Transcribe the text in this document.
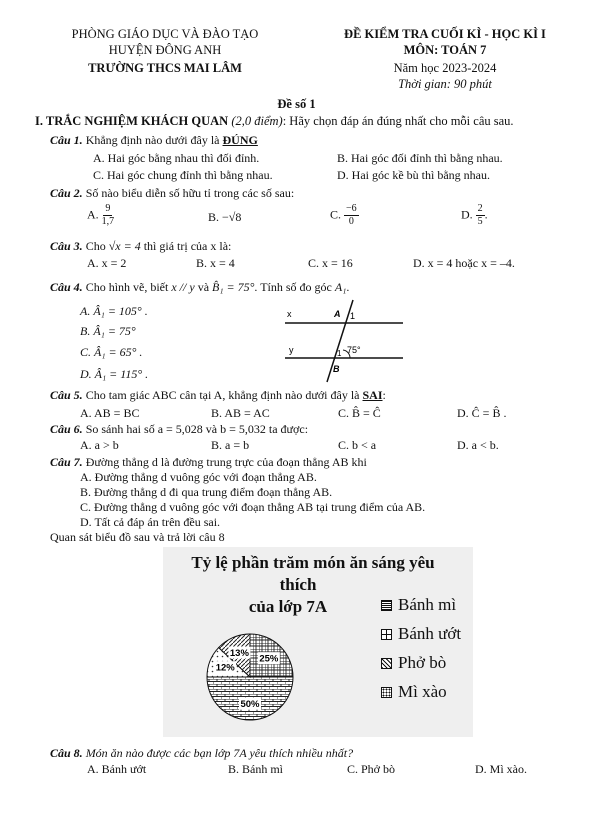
PHÒNG GIÁO DỤC VÀ ĐÀO TẠO
HUYỆN ĐÔNG ANH
TRƯỜNG THCS MAI LÂM
ĐỀ KIỂM TRA CUỐI KÌ - HỌC KÌ I
MÔN: TOÁN 7
Năm học 2023-2024
Thời gian: 90 phút
Đề số 1
I. TRẮC NGHIỆM KHÁCH QUAN (2,0 điểm): Hãy chọn đáp án đúng nhất cho mỗi câu sau.
Câu 1. Khẳng định nào dưới đây là ĐÚNG
A. Hai góc bằng nhau thì đối đỉnh.	B. Hai góc đối đỉnh thì bằng nhau.
C. Hai góc chung đỉnh thì bằng nhau.	D. Hai góc kề bù thì bằng nhau.
Câu 2. Số nào biểu diễn số hữu tỉ trong các số sau:
A. $\frac{9}{1,7}$	B. −√8	C. $\frac{-6}{0}$	D. $\frac{2}{5}$ .
Câu 3. Cho √x = 4 thì giá trị của x là:
A. x = 2	B. x = 4	C. x = 16	D. x = 4 hoặc x = –4.
Câu 4. Cho hình vẽ, biết x // y và B̂₁ = 75°. Tính số đo góc A₁.
A. Â₁ = 105° .
B. Â₁ = 75°
C. Â₁ = 65° .
D. Â₁ = 115° .
x
y
A 1
1 75°
B
Câu 5. Cho tam giác ABC cân tại A, khẳng định nào dưới đây là SAI:
A. AB = BC	B. AB = AC	C. B̂ = Ĉ	D. Ĉ = B̂ .
Câu 6. So sánh hai số a = 5,028 và b = 5,032 ta được:
A. a > b	B. a = b	C. b < a	D. a < b.
Câu 7. Đường thẳng d là đường trung trực của đoạn thẳng AB khi
A. Đường thẳng d vuông góc với đoạn thẳng AB.
B. Đường thẳng d đi qua trung điểm đoạn thẳng AB.
C. Đường thẳng d vuông góc với đoạn thẳng AB tại trung điểm của AB.
D. Tất cả đáp án trên đều sai.
Quan sát biểu đồ sau và trả lời câu 8
Tỷ lệ phần trăm món ăn sáng yêu
thích
của lớp 7A
25%
50%
12%
13%
Bánh mì
Bánh ướt
Phở bò
Mì xào
Câu 8. Món ăn nào được các bạn lớp 7A yêu thích nhiều nhất?
A. Bánh ướt	B. Bánh mì	C. Phở bò	D. Mì xào.
